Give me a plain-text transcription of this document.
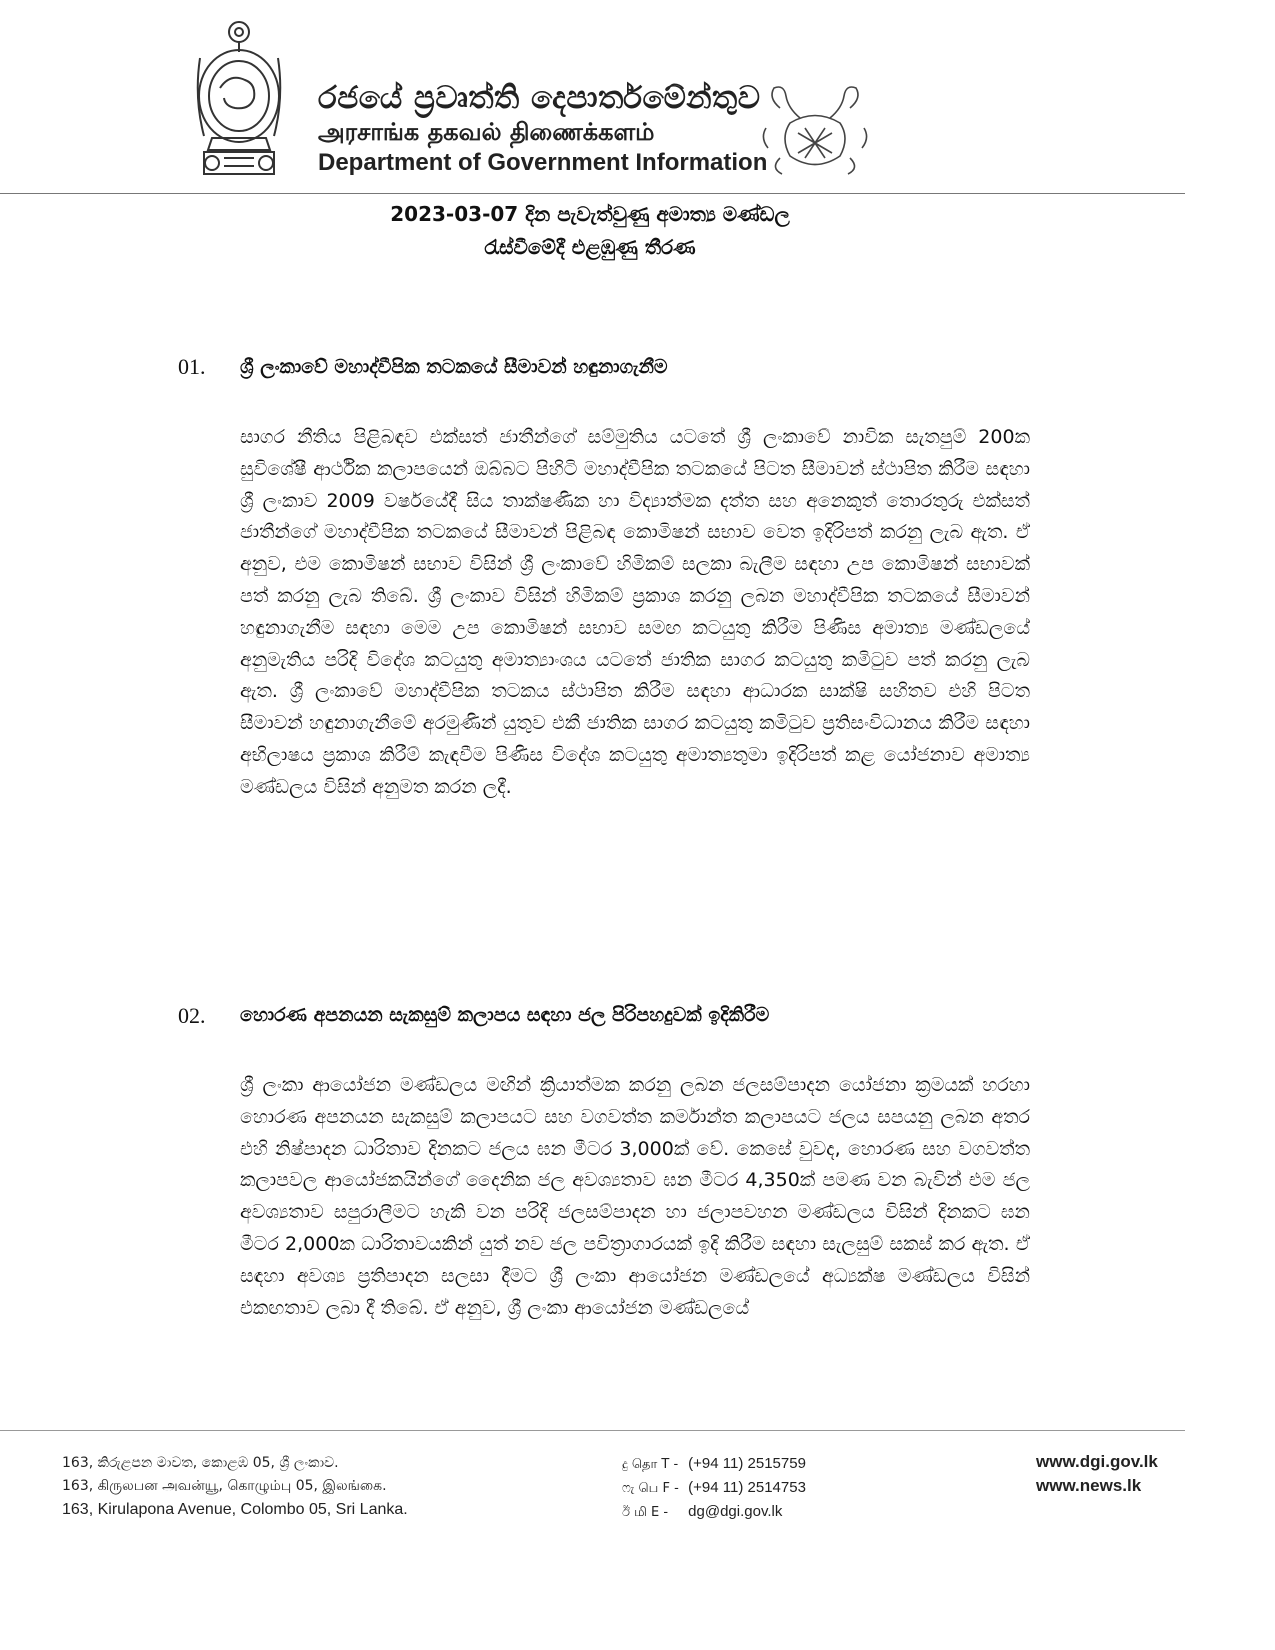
රජයේ ප්‍රවෘත්ති දෙපාර්තමේන්තුව
அரசாங்க தகவல் திணைக்களம்
Department of Government Information
2023-03-07 දින පැවැත්වුණු අමාත්‍ය මණ්ඩල
රැස්වීමේදී එළඹුණු තීරණ
01. ශ්‍රී ලංකාවේ මහාද්වීපික තටකයේ සීමාවන් හඳුනාගැනීම
සාගර නීතිය පිළිබඳව එක්සත් ජාතීන්ගේ සම්මුතිය යටතේ ශ්‍රී ලංකාවේ නාවික සැතපුම් 200ක සුවිශේෂී ආර්ථික කලාපයෙන් ඔබ්බට පිහිටි මහාද්වීපික තටකයේ පිටත සීමාවන් ස්ථාපිත කිරීම සඳහා ශ්‍රී ලංකාව 2009 වර්ෂයේදී සිය තාක්ෂණික හා විද්‍යාත්මක දත්ත සහ අනෙකුත් තොරතුරු එක්සත් ජාතීන්ගේ මහාද්වීපික තටකයේ සීමාවන් පිළිබඳ කොමිෂන් සභාව වෙත ඉදිරිපත් කරනු ලැබ ඇත. ඒ අනුව, එම කොමිෂන් සභාව විසින් ශ්‍රී ලංකාවේ හිමිකම් සලකා බැලීම සඳහා උප කොමිෂන් සභාවක් පත් කරනු ලැබ තිබේ. ශ්‍රී ලංකාව විසින් හිමිකම් ප්‍රකාශ කරනු ලබන මහාද්වීපික තටකයේ සීමාවන් හඳුනාගැනීම සඳහා මෙම උප කොමිෂන් සභාව සමඟ කටයුතු කිරීම පිණිස අමාත්‍ය මණ්ඩලයේ අනුමැතිය පරිදි විදේශ කටයුතු අමාත්‍යාංශය යටතේ ජාතික සාගර කටයුතු කමිටුව පත් කරනු ලැබ ඇත. ශ්‍රී ලංකාවේ මහාද්වීපික තටකය ස්ථාපිත කිරීම සඳහා ආධාරක සාක්ෂි සහිතව එහි පිටත සීමාවන් හඳුනාගැනීමේ අරමුණින් යුතුව එකී ජාතික සාගර කටයුතු කමිටුව ප්‍රතිසංවිධානය කිරීම සඳහා අභිලාෂය ප්‍රකාශ කිරීම් කැඳවීම පිණිස විදේශ කටයුතු අමාත්‍යතුමා ඉදිරිපත් කළ යෝජනාව අමාත්‍ය මණ්ඩලය විසින් අනුමත කරන ලදී.
02. හොරණ අපනයන සැකසුම් කලාපය සඳහා ජල පිරිපහදුවක් ඉදිකිරීම
ශ්‍රී ලංකා ආයෝජන මණ්ඩලය මඟින් ක්‍රියාත්මක කරනු ලබන ජලසම්පාදන යෝජනා ක්‍රමයක් හරහා හොරණ අපනයන සැකසුම් කලාපයට සහ වගවත්ත කර්මාන්ත කලාපයට ජලය සපයනු ලබන අතර එහි නිෂ්පාදන ධාරිතාව දිනකට ජලය ඝන මීටර 3,000ක් වේ. කෙසේ වුවද, හොරණ සහ වගවත්ත කලාපවල ආයෝජකයින්ගේ දෛනික ජල අවශ්‍යතාව ඝන මීටර 4,350ක් පමණ වන බැවින් එම ජල අවශ්‍යතාව සපුරාලීමට හැකි වන පරිදි ජලසම්පාදන හා ජලාපවහන මණ්ඩලය විසින් දිනකට ඝන මීටර 2,000ක ධාරිතාවයකින් යුත් නව ජල පවිත්‍රාගාරයක් ඉදි කිරීම සඳහා සැලසුම් සකස් කර ඇත. ඒ සඳහා අවශ්‍ය ප්‍රතිපාදන සලසා දීමට ශ්‍රී ලංකා ආයෝජන මණ්ඩලයේ අධ්‍යක්ෂ මණ්ඩලය විසින් එකඟතාව ලබා දී තිබේ. ඒ අනුව, ශ්‍රී ලංකා ආයෝජන මණ්ඩලයේ
163, කිරුළපන මාවත, කොළඹ 05, ශ්‍රී ලංකාව.
163, கிருலபன அவன்யூ, கொழும்பு 05, இலங்கை.
163, Kirulapona Avenue, Colombo 05, Sri Lanka.
දු தொ T - (+94 11) 2515759
ෆැ பெ F - (+94 11) 2514753
ඊ மி E - dg@dgi.gov.lk
www.dgi.gov.lk
www.news.lk
